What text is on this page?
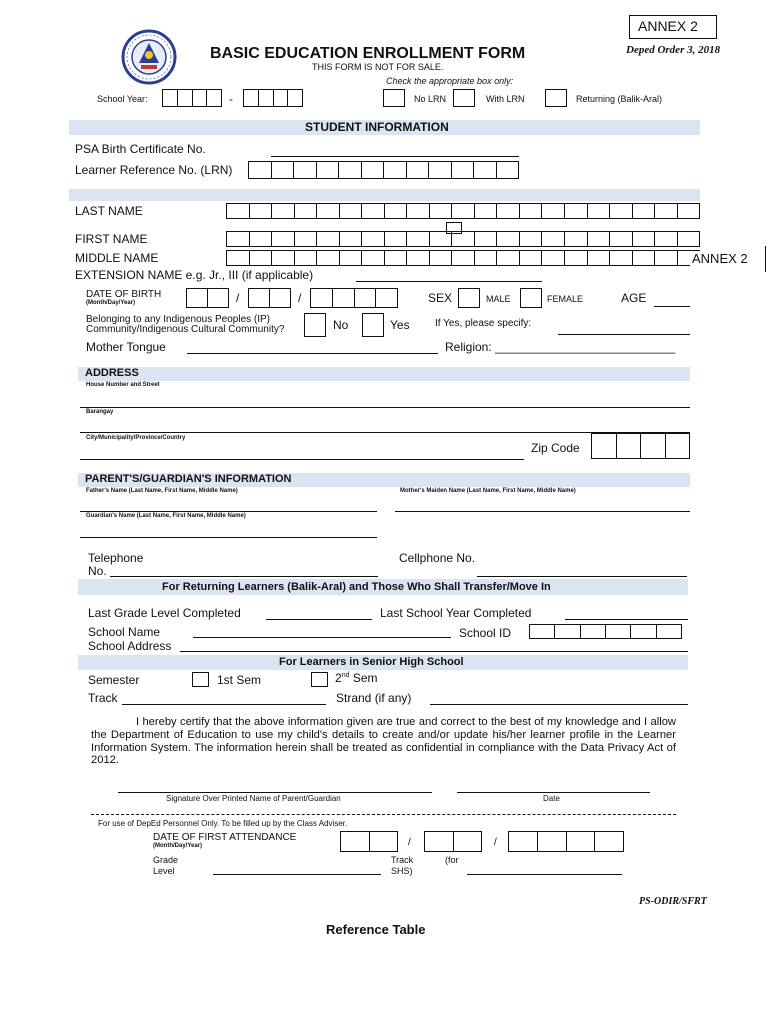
ANNEX 2
BASIC EDUCATION ENROLLMENT FORM
THIS FORM IS NOT FOR SALE.
Deped Order 3, 2018
Check the appropriate box only:
School Year:	-	No LRN	With LRN	Returning (Balik-Aral)
STUDENT INFORMATION
PSA Birth Certificate No.
Learner Reference No. (LRN)
LAST NAME
FIRST NAME
MIDDLE NAME	ANNEX 2
EXTENSION NAME e.g. Jr., III (if applicable)
DATE OF BIRTH
(Month/Day/Year)	/	/	SEX	MALE	FEMALE	AGE
Belonging to any Indigenous Peoples (IP)
Community/Indigenous Cultural Community?	No	Yes	If Yes, please specify:
Mother Tongue	Religion: ___________________________
ADDRESS
House Number and Street
Barangay
City/Municipality/Province/Country
Zip Code
PARENT'S/GUARDIAN'S INFORMATION
Father's Name (Last Name, First Name, Middle Name)	Mother's Maiden Name (Last Name, First Name, Middle Name)
Guardian's Name (Last Name, First Name, Middle Name)
Telephone
No.
Cellphone No.
For Returning Learners (Balik-Aral) and Those Who Shall Transfer/Move In
Last Grade Level Completed	Last School Year Completed
School Name	School ID
School Address
For Learners in Senior High School
Semester	1st Sem	2nd Sem
Track	Strand (if any)
I hereby certify that the above information given are true and correct to the best of my knowledge and I allow the Department of Education to use my child's details to create and/or update his/her learner profile in the Learner Information System. The information herein shall be treated as confidential in compliance with the Data Privacy Act of 2012.
Signature Over Printed Name of Parent/Guardian	Date
For use of DepEd Personnel Only. To be filled up by the Class Adviser.
DATE OF FIRST ATTENDANCE
(Month/Day/Year)	/	/
Grade
Level
Track
SHS)
(for
PS-ODIR/SFRT
Reference Table
